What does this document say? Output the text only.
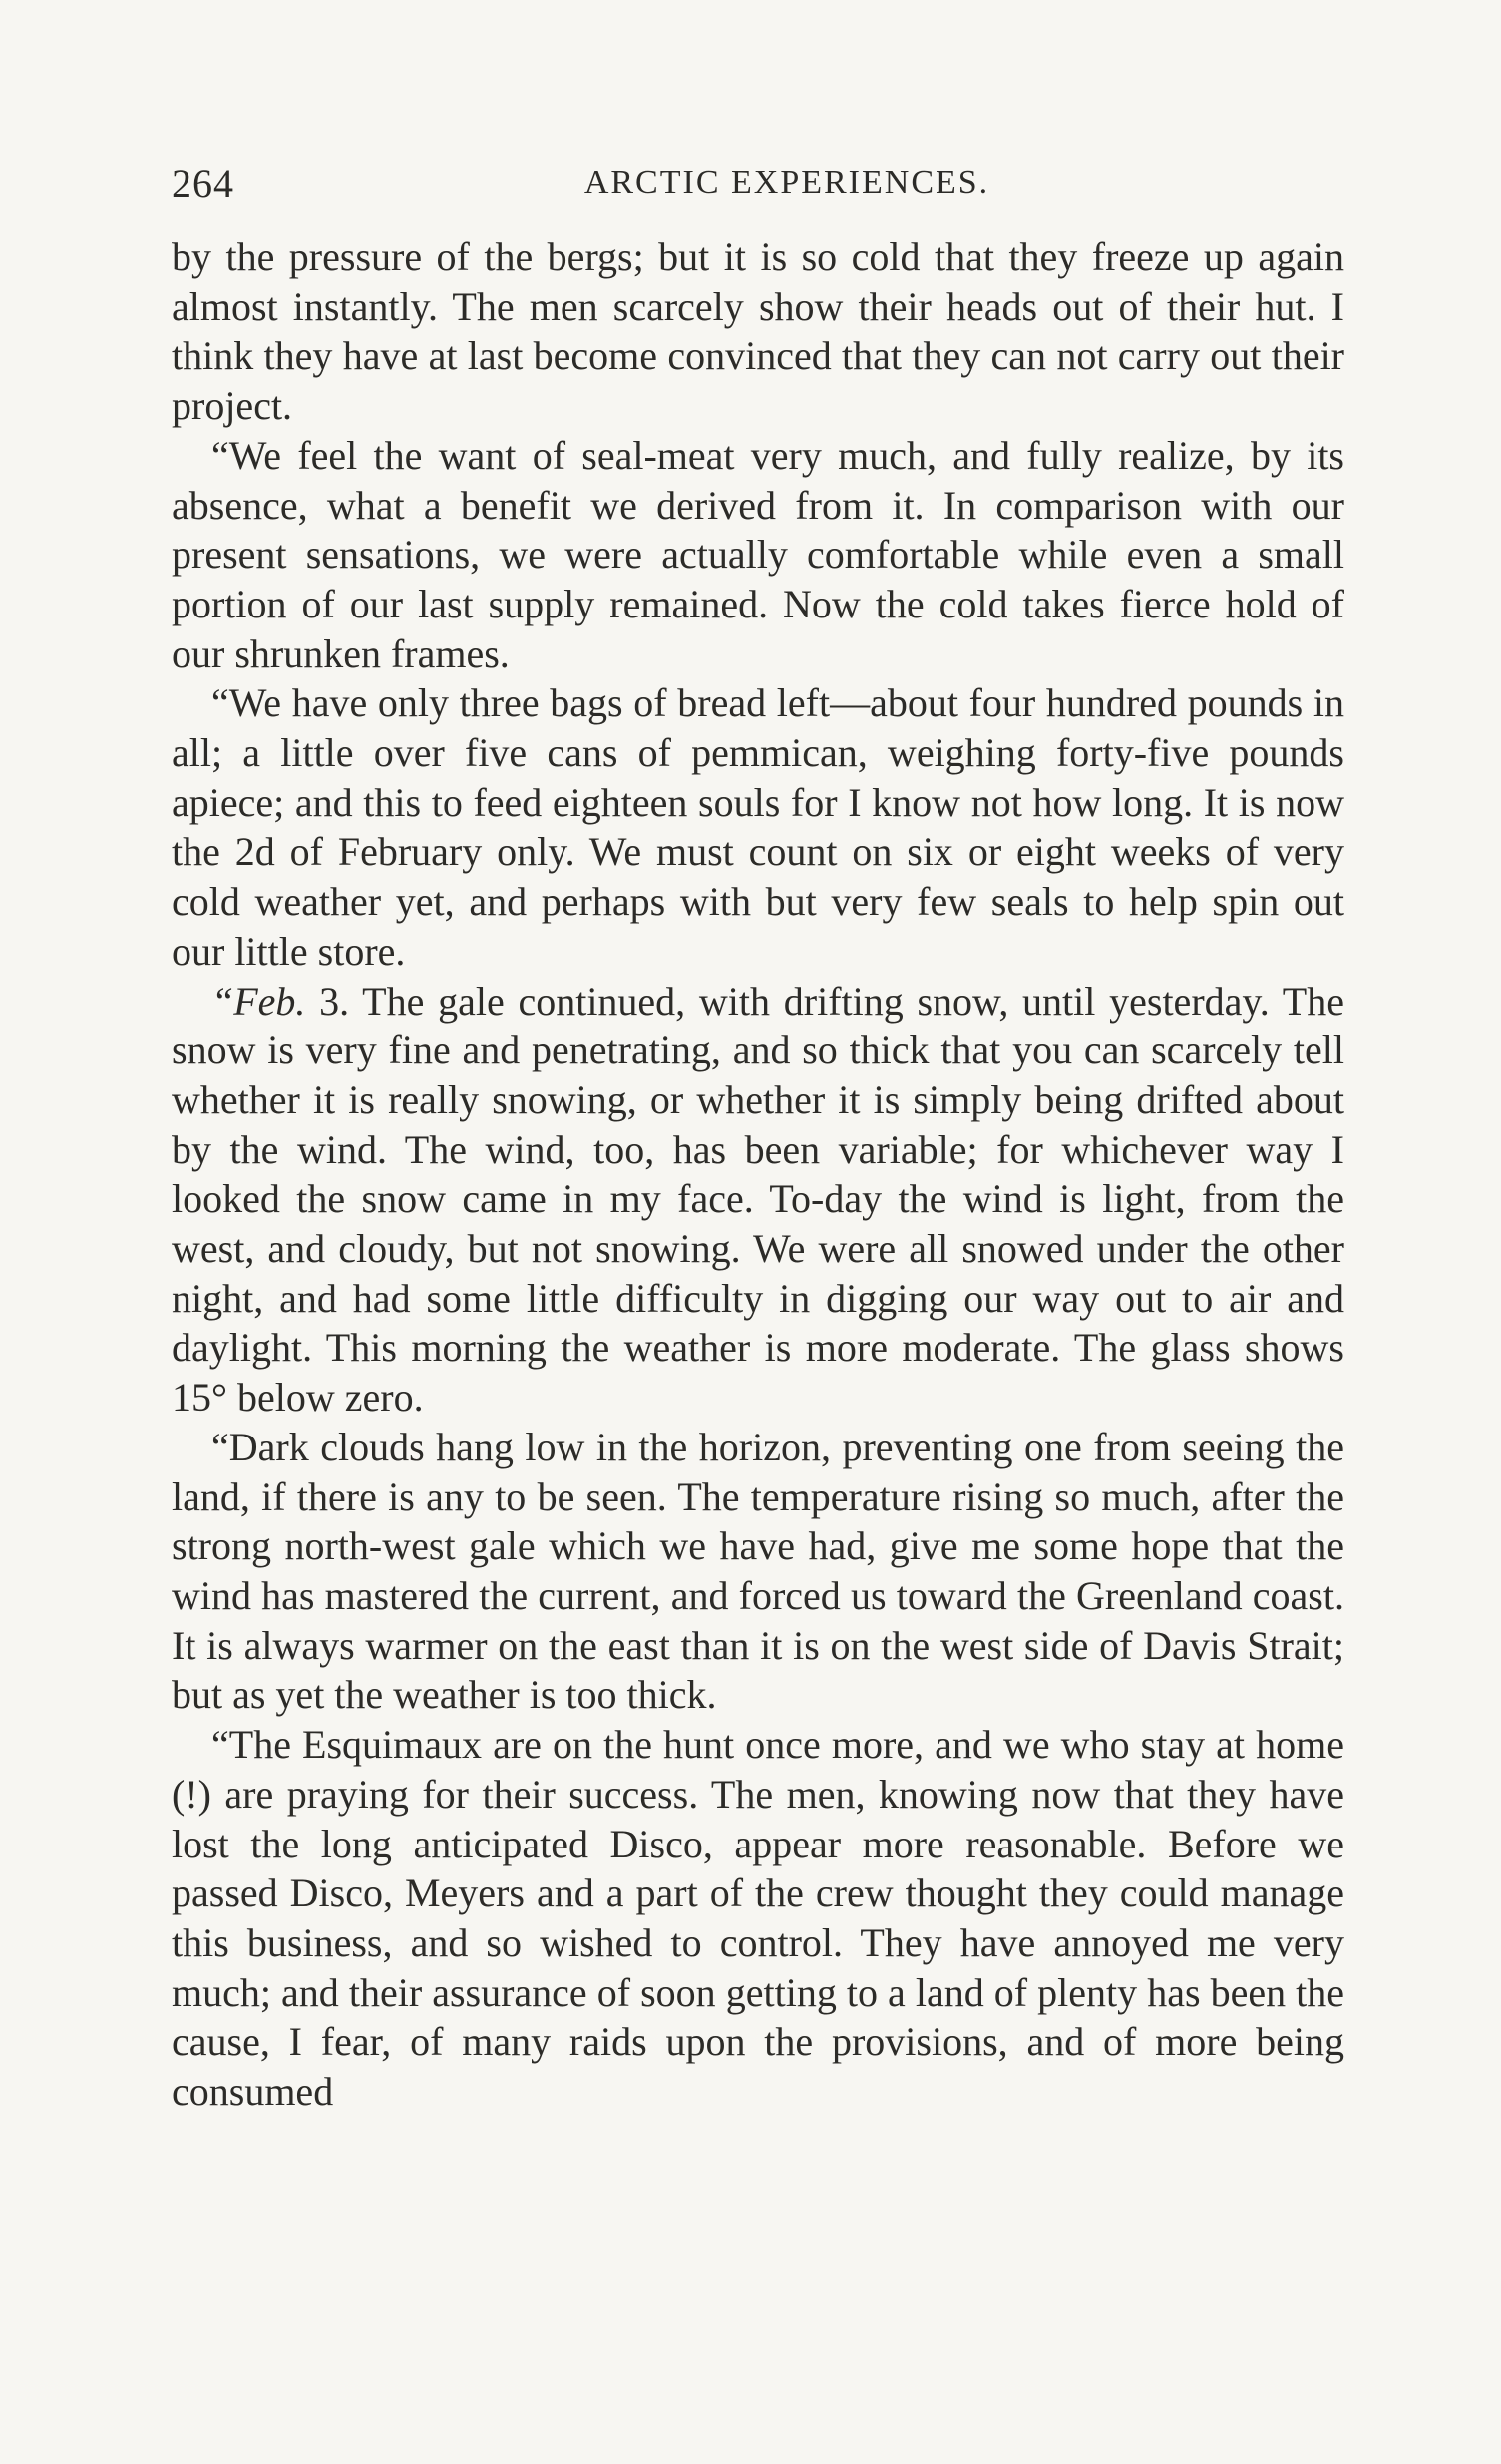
264	ARCTIC EXPERIENCES.

by the pressure of the bergs; but it is so cold that they freeze up again almost instantly. The men scarcely show their heads out of their hut. I think they have at last become convinced that they can not carry out their project.

“We feel the want of seal-meat very much, and fully realize, by its absence, what a benefit we derived from it. In comparison with our present sensations, we were actually comfortable while even a small portion of our last supply remained. Now the cold takes fierce hold of our shrunken frames.

“We have only three bags of bread left—about four hundred pounds in all; a little over five cans of pemmican, weighing forty-five pounds apiece; and this to feed eighteen souls for I know not how long. It is now the 2d of February only. We must count on six or eight weeks of very cold weather yet, and perhaps with but very few seals to help spin out our little store.

“Feb. 3. The gale continued, with drifting snow, until yesterday. The snow is very fine and penetrating, and so thick that you can scarcely tell whether it is really snowing, or whether it is simply being drifted about by the wind. The wind, too, has been variable; for whichever way I looked the snow came in my face. To-day the wind is light, from the west, and cloudy, but not snowing. We were all snowed under the other night, and had some little difficulty in digging our way out to air and daylight. This morning the weather is more moderate. The glass shows 15° below zero.

“Dark clouds hang low in the horizon, preventing one from seeing the land, if there is any to be seen. The temperature rising so much, after the strong north-west gale which we have had, give me some hope that the wind has mastered the current, and forced us toward the Greenland coast. It is always warmer on the east than it is on the west side of Davis Strait; but as yet the weather is too thick.

“The Esquimaux are on the hunt once more, and we who stay at home (!) are praying for their success. The men, knowing now that they have lost the long anticipated Disco, appear more reasonable. Before we passed Disco, Meyers and a part of the crew thought they could manage this business, and so wished to control. They have annoyed me very much; and their assurance of soon getting to a land of plenty has been the cause, I fear, of many raids upon the provisions, and of more being consumed
